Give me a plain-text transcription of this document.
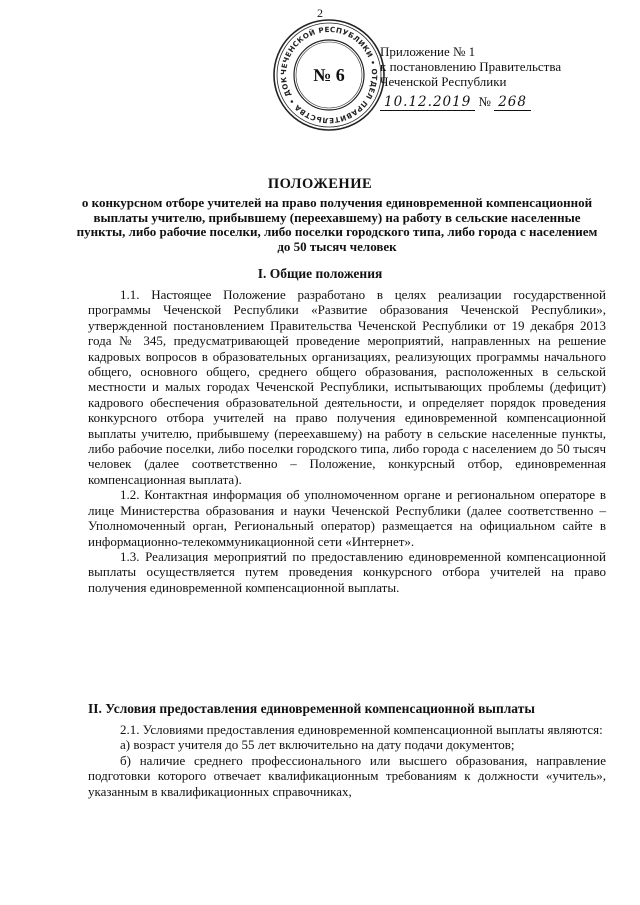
2
ЧЕЧЕНСКОЙ РЕСПУБЛИКИ • ОТДЕЛ ПРАВИТЕЛЬСТВА • ДОК	№ 6
Приложение № 1
к постановлению Правительства
Чеченской Республики
10.12.2019 № 268
ПОЛОЖЕНИЕ
о конкурсном отборе учителей на право получения единовременной компенсационной выплаты учителю, прибывшему (переехавшему) на работу в сельские населенные пункты, либо рабочие поселки, либо поселки городского типа, либо города с населением до 50 тысяч человек
I. Общие положения

1.1. Настоящее Положение разработано в целях реализации государственной программы Чеченской Республики «Развитие образования Чеченской Республики», утвержденной постановлением Правительства Чеченской Республики от 19 декабря 2013 года № 345, предусматривающей проведение мероприятий, направленных на решение кадровых вопросов в образовательных организациях, реализующих программы начального общего, основного общего, среднего общего образования, расположенных в сельской местности и малых городах Чеченской Республики, испытывающих проблемы (дефицит) кадрового обеспечения образовательной деятельности, и определяет порядок проведения конкурсного отбора учителей на право получения единовременной компенсационной выплаты учителю, прибывшему (переехавшему) на работу в сельские населенные пункты, либо рабочие поселки, либо поселки городского типа, либо города с населением до 50 тысяч человек (далее соответственно – Положение, конкурсный отбор, единовременная компенсационная выплата).

1.2. Контактная информация об уполномоченном органе и региональном операторе в лице Министерства образования и науки Чеченской Республики (далее соответственно – Уполномоченный орган, Региональный оператор) размещается на официальном сайте в информационно-телекоммуникационной сети «Интернет».

1.3. Реализация мероприятий по предоставлению единовременной компенсационной выплаты осуществляется путем проведения конкурсного отбора учителей на право получения единовременной компенсационной выплаты.

II. Условия предоставления единовременной компенсационной выплаты

2.1. Условиями предоставления единовременной компенсационной выплаты являются:

а) возраст учителя до 55 лет включительно на дату подачи документов;

б) наличие среднего профессионального или высшего образования, направление подготовки которого отвечает квалификационным требованиям к должности «учитель», указанным в квалификационных справочниках,
